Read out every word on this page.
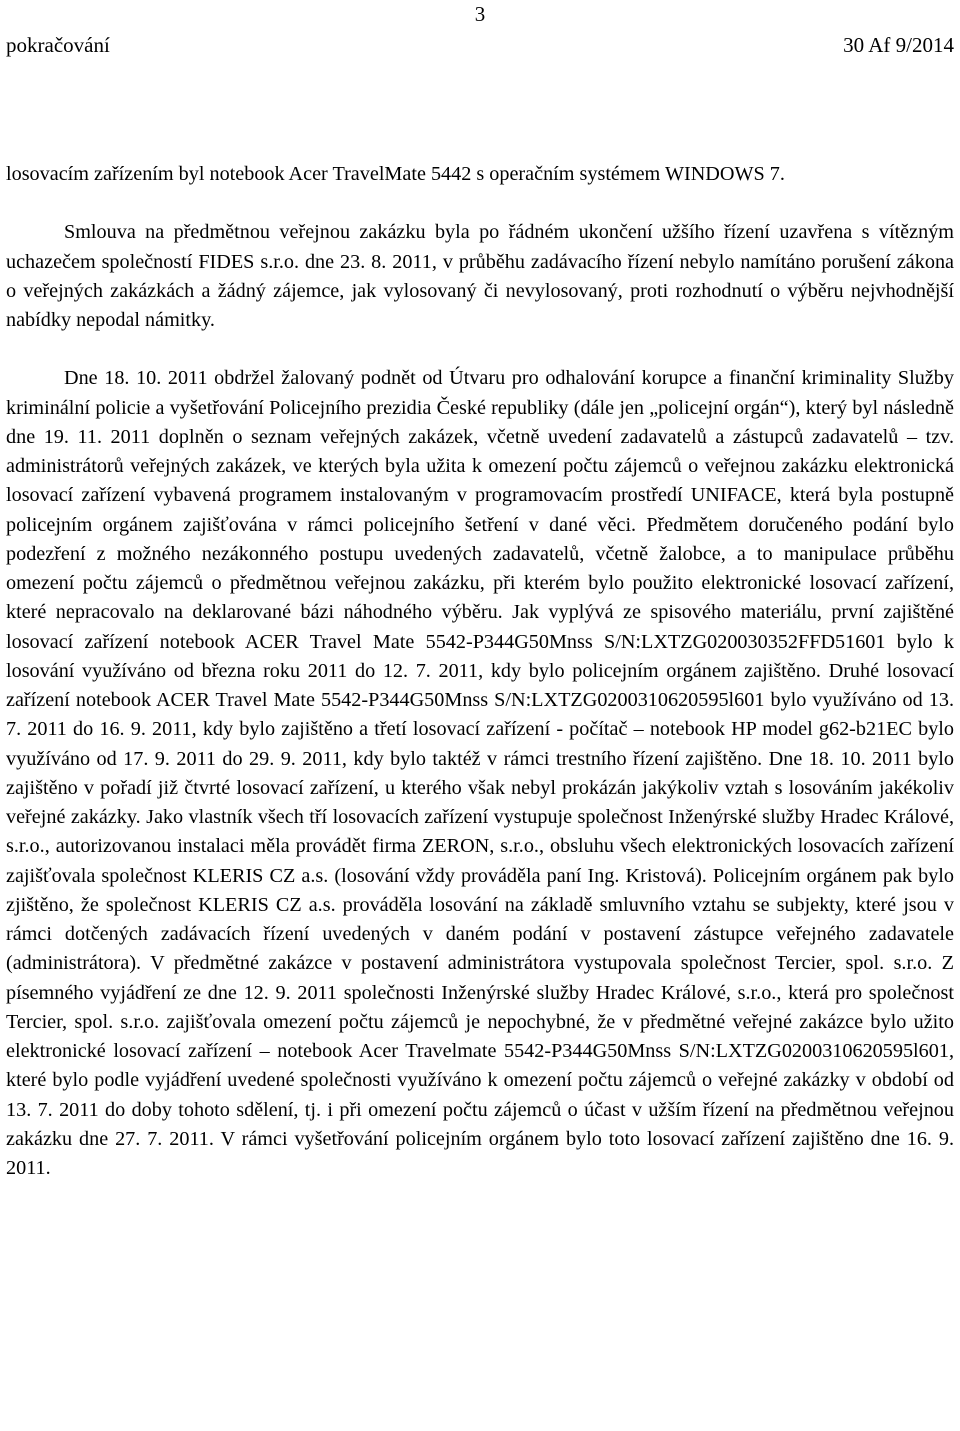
3
pokračování	30 Af 9/2014

losovacím zařízením byl notebook Acer TravelMate 5442 s operačním systémem WINDOWS 7.

Smlouva na předmětnou veřejnou zakázku byla po řádném ukončení užšího řízení uzavřena s vítězným uchazečem společností FIDES s.r.o. dne 23. 8. 2011, v průběhu zadávacího řízení nebylo namítáno porušení zákona o veřejných zakázkách a žádný zájemce, jak vylosovaný či nevylosovaný, proti rozhodnutí o výběru nejvhodnější nabídky nepodal námitky.

Dne 18. 10. 2011 obdržel žalovaný podnět od Útvaru pro odhalování korupce a finanční kriminality Služby kriminální policie a vyšetřování Policejního prezidia České republiky (dále jen „policejní orgán“), který byl následně dne 19. 11. 2011 doplněn o seznam veřejných zakázek, včetně uvedení zadavatelů a zástupců zadavatelů – tzv. administrátorů veřejných zakázek, ve kterých byla užita k omezení počtu zájemců o veřejnou zakázku elektronická losovací zařízení vybavená programem instalovaným v programovacím prostředí UNIFACE, která byla postupně policejním orgánem zajišťována v rámci policejního šetření v dané věci. Předmětem doručeného podání bylo podezření z možného nezákonného postupu uvedených zadavatelů, včetně žalobce, a to manipulace průběhu omezení počtu zájemců o předmětnou veřejnou zakázku, při kterém bylo použito elektronické losovací zařízení, které nepracovalo na deklarované bázi náhodného výběru. Jak vyplývá ze spisového materiálu, první zajištěné losovací zařízení notebook ACER Travel Mate 5542-P344G50Mnss S/N:LXTZG020030352FFD51601 bylo k losování využíváno od března roku 2011 do 12. 7. 2011, kdy bylo policejním orgánem zajištěno. Druhé losovací zařízení notebook ACER Travel Mate 5542-P344G50Mnss S/N:LXTZG0200310620595l601 bylo využíváno od 13. 7. 2011 do 16. 9. 2011, kdy bylo zajištěno a třetí losovací zařízení - počítač – notebook HP model g62-b21EC bylo využíváno od 17. 9. 2011 do 29. 9. 2011, kdy bylo taktéž v rámci trestního řízení zajištěno. Dne 18. 10. 2011 bylo zajištěno v pořadí již čtvrté losovací zařízení, u kterého však nebyl prokázán jakýkoliv vztah s losováním jakékoliv veřejné zakázky. Jako vlastník všech tří losovacích zařízení vystupuje společnost Inženýrské služby Hradec Králové, s.r.o., autorizovanou instalaci měla provádět firma ZERON, s.r.o., obsluhu všech elektronických losovacích zařízení zajišťovala společnost KLERIS CZ a.s. (losování vždy prováděla paní Ing. Kristová). Policejním orgánem pak bylo zjištěno, že společnost KLERIS CZ a.s. prováděla losování na základě smluvního vztahu se subjekty, které jsou v rámci dotčených zadávacích řízení uvedených v daném podání v postavení zástupce veřejného zadavatele (administrátora). V předmětné zakázce v postavení administrátora vystupovala společnost Tercier, spol. s.r.o. Z písemného vyjádření ze dne 12. 9. 2011 společnosti Inženýrské služby Hradec Králové, s.r.o., která pro společnost Tercier, spol. s.r.o. zajišťovala omezení počtu zájemců je nepochybné, že v předmětné veřejné zakázce bylo užito elektronické losovací zařízení – notebook Acer Travelmate 5542-P344G50Mnss S/N:LXTZG0200310620595l601, které bylo podle vyjádření uvedené společnosti využíváno k omezení počtu zájemců o veřejné zakázky v období od 13. 7. 2011 do doby tohoto sdělení, tj. i při omezení počtu zájemců o účast v užším řízení na předmětnou veřejnou zakázku dne 27. 7. 2011. V rámci vyšetřování policejním orgánem bylo toto losovací zařízení zajištěno dne 16. 9. 2011.
